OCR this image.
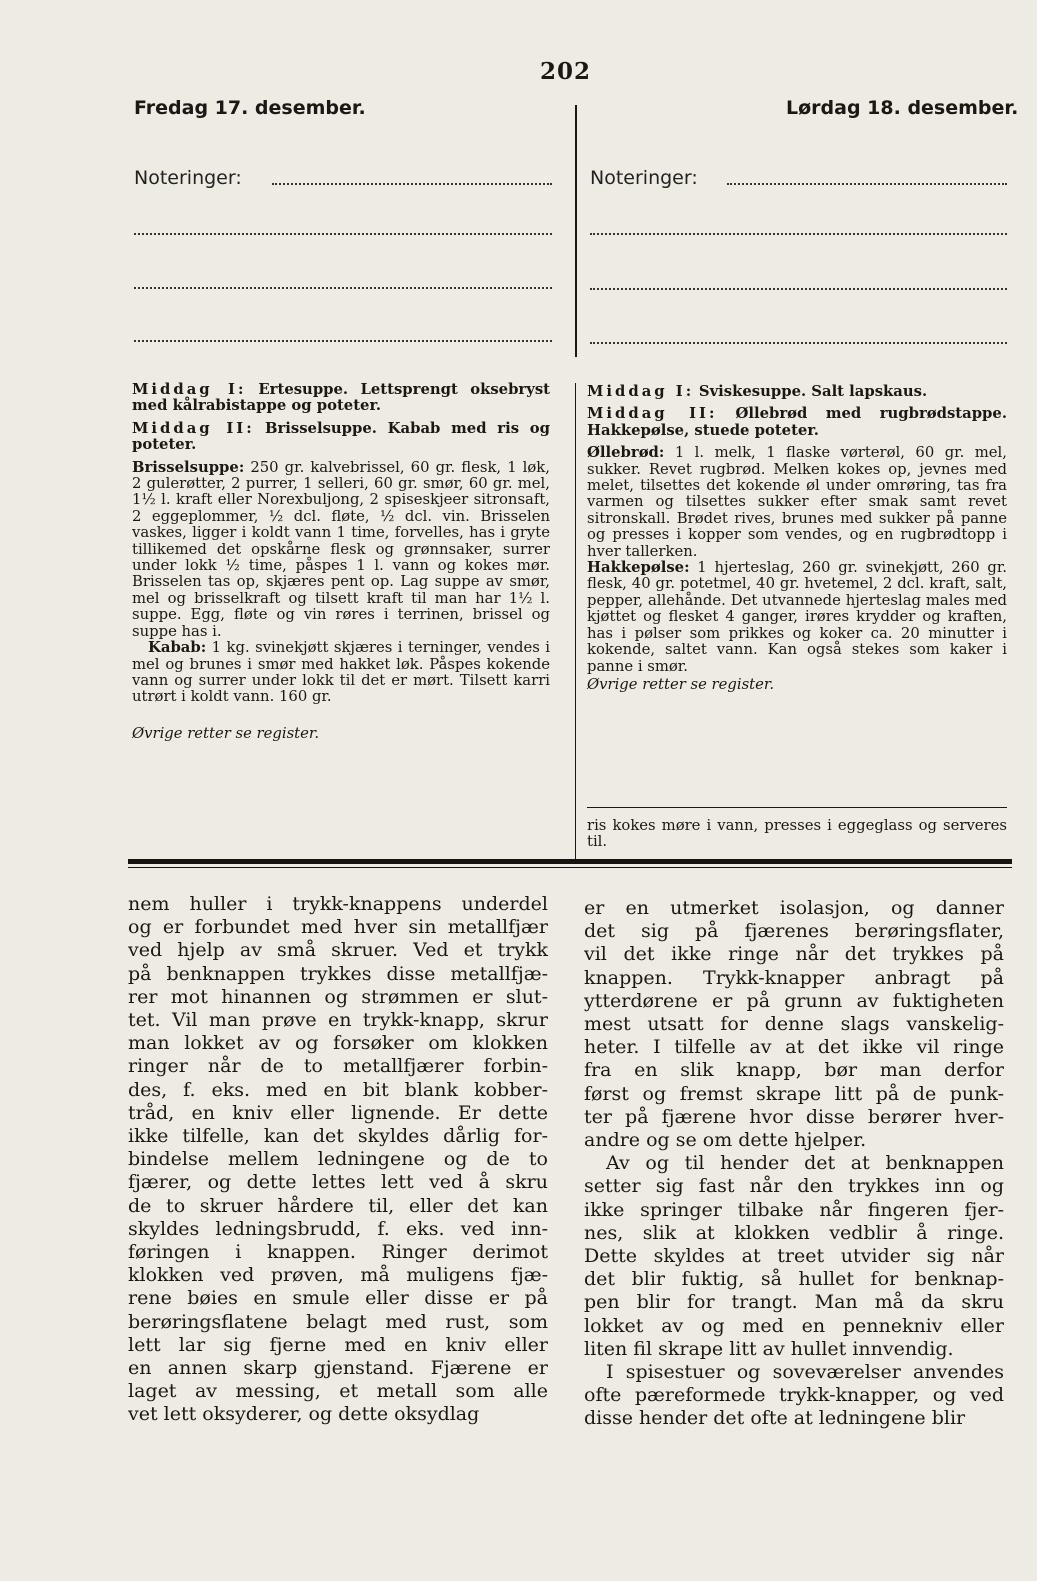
202
Fredag 17. desember.	Lørdag 18. desember.
Noteringer:	Noteringer:

Middag I: Ertesuppe. Lettsprengt oksebryst med kålrabistappe og poteter.

Middag II: Brisselsuppe. Kabab med ris og poteter.

Brisselsuppe: 250 gr. kalvebrissel, 60 gr. flesk, 1 løk, 2 gulerøtter, 2 purrer, 1 selleri, 60 gr. smør, 60 gr. mel, 1½ l. kraft eller Norexbuljong, 2 spiseskjeer sitronsaft, 2 eggeplommer, ½ dcl. fløte, ½ dcl. vin. Brisselen vaskes, ligger i koldt vann 1 time, forvelles, has i gryte tillikemed det opskårne flesk og grønnsaker, surrer under lokk ½ time, påspes 1 l. vann og kokes mør. Brisselen tas op, skjæres pent op. Lag suppe av smør, mel og brisselkraft og tilsett kraft til man har 1½ l. suppe. Egg, fløte og vin røres i terrinen, brissel og suppe has i.

Kabab: 1 kg. svinekjøtt skjæres i terninger, vendes i mel og brunes i smør med hakket løk. Påspes kokende vann og surrer under lokk til det er mørt. Tilsett karri utrørt i koldt vann. 160 gr.

Øvrige retter se register.

Middag I: Sviskesuppe. Salt lapskaus.

Middag II: Øllebrød med rugbrødstappe. Hakkepølse, stuede poteter.

Øllebrød: 1 l. melk, 1 flaske vørterøl, 60 gr. mel, sukker. Revet rugbrød. Melken kokes op, jevnes med melet, tilsettes det kokende øl under omrøring, tas fra varmen og tilsettes sukker efter smak samt revet sitronskall. Brødet rives, brunes med sukker på panne og presses i kopper som vendes, og en rugbrødtopp i hver tallerken.

Hakkepølse: 1 hjerteslag, 260 gr. svinekjøtt, 260 gr. flesk, 40 gr. potetmel, 40 gr. hvetemel, 2 dcl. kraft, salt, pepper, allehånde. Det utvannede hjerteslag males med kjøttet og flesket 4 ganger, irøres krydder og kraften, has i pølser som prikkes og koker ca. 20 minutter i kokende, saltet vann. Kan også stekes som kaker i panne i smør.

Øvrige retter se register.

ris kokes møre i vann, presses i eggeglass og serveres til.
nem huller i trykk-knappens underdel
og er forbundet med hver sin metallfjær
ved hjelp av små skruer. Ved et trykk
på benknappen trykkes disse metallfjæ-
rer mot hinannen og strømmen er slut-
tet. Vil man prøve en trykk-knapp, skrur
man lokket av og forsøker om klokken
ringer når de to metallfjærer forbin-
des, f. eks. med en bit blank kobber-
tråd, en kniv eller lignende. Er dette
ikke tilfelle, kan det skyldes dårlig for-
bindelse mellem ledningene og de to
fjærer, og dette lettes lett ved å skru
de to skruer hårdere til, eller det kan
skyldes ledningsbrudd, f. eks. ved inn-
føringen i knappen. Ringer derimot
klokken ved prøven, må muligens fjæ-
rene bøies en smule eller disse er på
berøringsflatene belagt med rust, som
lett lar sig fjerne med en kniv eller
en annen skarp gjenstand. Fjærene er
laget av messing, et metall som alle
vet lett oksyderer, og dette oksydlag
er en utmerket isolasjon, og danner
det sig på fjærenes berøringsflater,
vil det ikke ringe når det trykkes på
knappen. Trykk-knapper anbragt på
ytterdørene er på grunn av fuktigheten
mest utsatt for denne slags vanskelig-
heter. I tilfelle av at det ikke vil ringe
fra en slik knapp, bør man derfor
først og fremst skrape litt på de punk-
ter på fjærene hvor disse berører hver-
andre og se om dette hjelper.
Av og til hender det at benknappen
setter sig fast når den trykkes inn og
ikke springer tilbake når fingeren fjer-
nes, slik at klokken vedblir å ringe.
Dette skyldes at treet utvider sig når
det blir fuktig, så hullet for benknap-
pen blir for trangt. Man må da skru
lokket av og med en pennekniv eller
liten fil skrape litt av hullet innvendig.
I spisestuer og soveværelser anvendes
ofte pæreformede trykk-knapper, og ved
disse hender det ofte at ledningene blir
